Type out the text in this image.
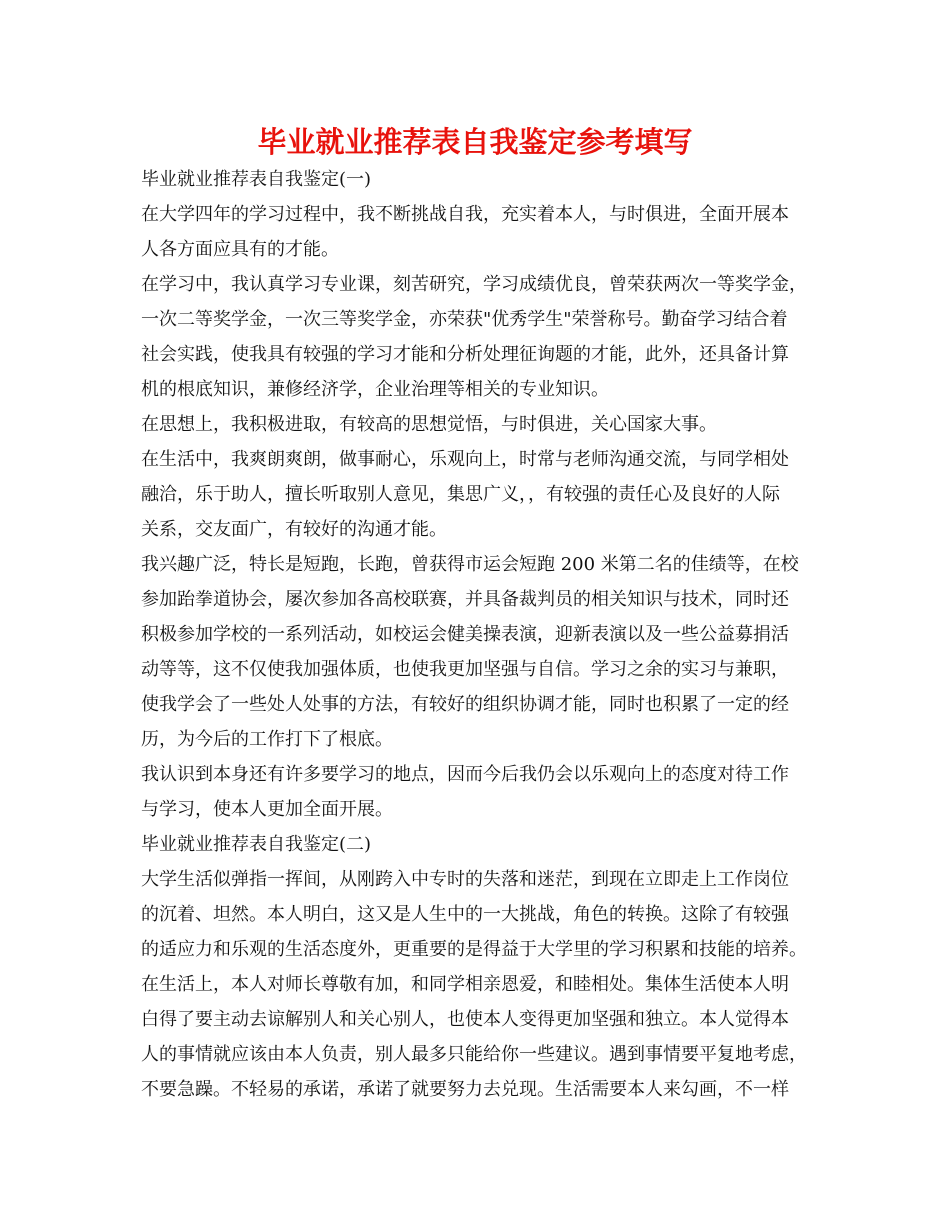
毕业就业推荐表自我鉴定参考填写
毕业就业推荐表自我鉴定(一)
在大学四年的学习过程中，我不断挑战自我，充实着本人，与时俱进，全面开展本
人各方面应具有的才能。
在学习中，我认真学习专业课，刻苦研究，学习成绩优良，曾荣获两次一等奖学金，
一次二等奖学金，一次三等奖学金，亦荣获"优秀学生"荣誉称号。勤奋学习结合着
社会实践，使我具有较强的学习才能和分析处理征询题的才能，此外，还具备计算
机的根底知识，兼修经济学，企业治理等相关的专业知识。
在思想上，我积极进取，有较高的思想觉悟，与时俱进，关心国家大事。
在生活中，我爽朗爽朗，做事耐心，乐观向上，时常与老师沟通交流，与同学相处
融洽，乐于助人，擅长听取别人意见，集思广义，，有较强的责任心及良好的人际
关系，交友面广，有较好的沟通才能。
我兴趣广泛，特长是短跑，长跑，曾获得市运会短跑 200 米第二名的佳绩等，在校
参加跆拳道协会，屡次参加各高校联赛，并具备裁判员的相关知识与技术，同时还
积极参加学校的一系列活动，如校运会健美操表演，迎新表演以及一些公益募捐活
动等等，这不仅使我加强体质，也使我更加坚强与自信。学习之余的实习与兼职，
使我学会了一些处人处事的方法，有较好的组织协调才能，同时也积累了一定的经
历，为今后的工作打下了根底。
我认识到本身还有许多要学习的地点，因而今后我仍会以乐观向上的态度对待工作
与学习，使本人更加全面开展。
毕业就业推荐表自我鉴定(二)
大学生活似弹指一挥间，从刚跨入中专时的失落和迷茫，到现在立即走上工作岗位
的沉着、坦然。本人明白，这又是人生中的一大挑战，角色的转换。这除了有较强
的适应力和乐观的生活态度外，更重要的是得益于大学里的学习积累和技能的培养。
在生活上，本人对师长尊敬有加，和同学相亲恩爱，和睦相处。集体生活使本人明
白得了要主动去谅解别人和关心别人，也使本人变得更加坚强和独立。本人觉得本
人的事情就应该由本人负责，别人最多只能给你一些建议。遇到事情要平复地考虑，
不要急躁。不轻易的承诺，承诺了就要努力去兑现。生活需要本人来勾画，不一样
